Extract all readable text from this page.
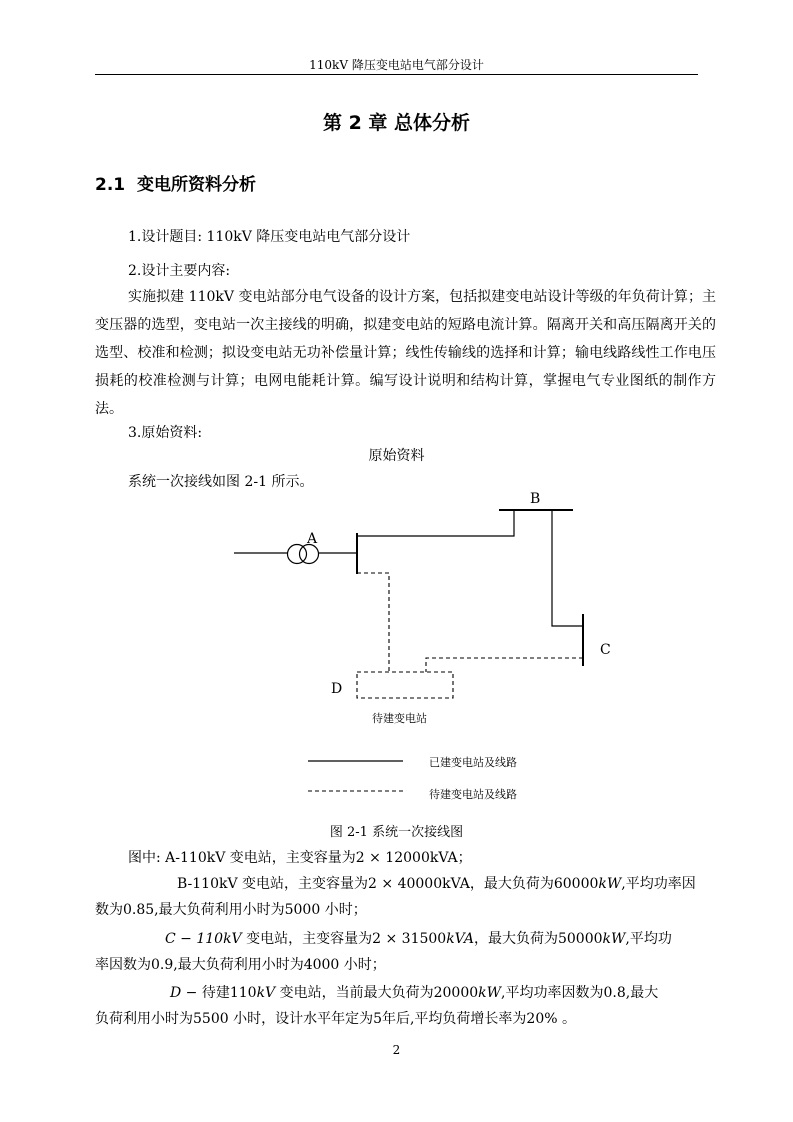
110kV 降压变电站电气部分设计
第 2 章 总体分析
2.1 变电所资料分析
1.设计题目: 110kV 降压变电站电气部分设计
2.设计主要内容:
实施拟建 110kV 变电站部分电气设备的设计方案，包括拟建变电站设计等级的年负荷计算；主变压器的选型，变电站一次主接线的明确，拟建变电站的短路电流计算。隔离开关和高压隔离开关的选型、校准和检测；拟设变电站无功补偿量计算；线性传输线的选择和计算；输电线路线性工作电压损耗的校准检测与计算；电网电能耗计算。编写设计说明和结构计算，掌握电气专业图纸的制作方法。
3.原始资料:
原始资料
系统一次接线如图 2-1 所示。
A
B
C
D
待建变电站
已建变电站及线路
待建变电站及线路
图 2-1 系统一次接线图
图中: A-110kV 变电站，主变容量为2 × 12000kVA；
B-110kV 变电站，主变容量为2 × 40000kVA，最大负荷为60000kW,平均功率因
数为0.85,最大负荷利用小时为5000 小时；
C − 110kV 变电站，主变容量为2 × 31500kVA，最大负荷为50000kW,平均功
率因数为0.9,最大负荷利用小时为4000 小时；
D − 待建110kV 变电站，当前最大负荷为20000kW,平均功率因数为0.8,最大
负荷利用小时为5500 小时，设计水平年定为5年后,平均负荷增长率为20% 。
2
